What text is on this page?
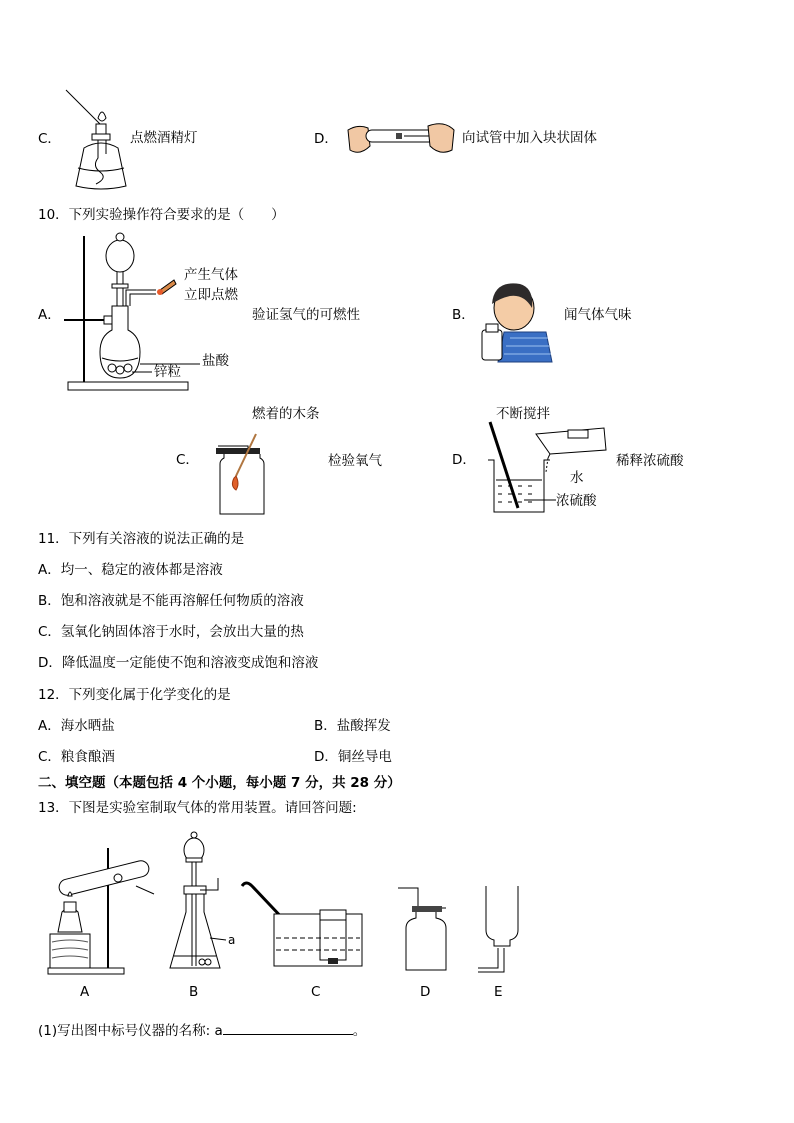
C．	点燃酒精灯	D．	向试管中加入块状固体
10．下列实验操作符合要求的是（　　）
A．
产生气体
立即点燃
盐酸
锌粒
验证氢气的可燃性	B．	闻气体气味
燃着的木条
C．	检验氧气
不断搅拌
D．
水
浓硫酸
稀释浓硫酸
11．下列有关溶液的说法正确的是
A．均一、稳定的液体都是溶液
B．饱和溶液就是不能再溶解任何物质的溶液
C．氢氧化钠固体溶于水时，会放出大量的热
D．降低温度一定能使不饱和溶液变成饱和溶液
12．下列变化属于化学变化的是
A．海水晒盐	B．盐酸挥发
C．粮食酿酒	D．铜丝导电
二、填空题（本题包括 4 个小题，每小题 7 分，共 28 分）
13．下图是实验室制取气体的常用装置。请回答问题:
a
A	B	C	D	E
(1)写出图中标号仪器的名称: a	。
